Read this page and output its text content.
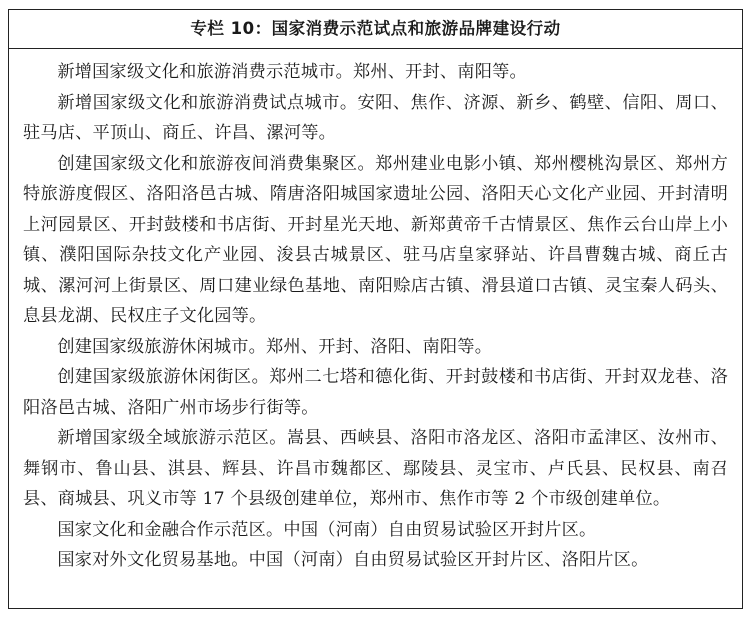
专栏 10：国家消费示范试点和旅游品牌建设行动

新增国家级文化和旅游消费示范城市。郑州、开封、南阳等。

新增国家级文化和旅游消费试点城市。安阳、焦作、济源、新乡、鹤壁、信阳、周口、驻马店、平顶山、商丘、许昌、漯河等。

创建国家级文化和旅游夜间消费集聚区。郑州建业电影小镇、郑州樱桃沟景区、郑州方特旅游度假区、洛阳洛邑古城、隋唐洛阳城国家遗址公园、洛阳天心文化产业园、开封清明上河园景区、开封鼓楼和书店街、开封星光天地、新郑黄帝千古情景区、焦作云台山岸上小镇、濮阳国际杂技文化产业园、浚县古城景区、驻马店皇家驿站、许昌曹魏古城、商丘古城、漯河河上街景区、周口建业绿色基地、南阳赊店古镇、滑县道口古镇、灵宝秦人码头、息县龙湖、民权庄子文化园等。

创建国家级旅游休闲城市。郑州、开封、洛阳、南阳等。

创建国家级旅游休闲街区。郑州二七塔和德化街、开封鼓楼和书店街、开封双龙巷、洛阳洛邑古城、洛阳广州市场步行街等。

新增国家级全域旅游示范区。嵩县、西峡县、洛阳市洛龙区、洛阳市孟津区、汝州市、舞钢市、鲁山县、淇县、辉县、许昌市魏都区、鄢陵县、灵宝市、卢氏县、民权县、南召县、商城县、巩义市等 17 个县级创建单位，郑州市、焦作市等 2 个市级创建单位。

国家文化和金融合作示范区。中国（河南）自由贸易试验区开封片区。

国家对外文化贸易基地。中国（河南）自由贸易试验区开封片区、洛阳片区。
